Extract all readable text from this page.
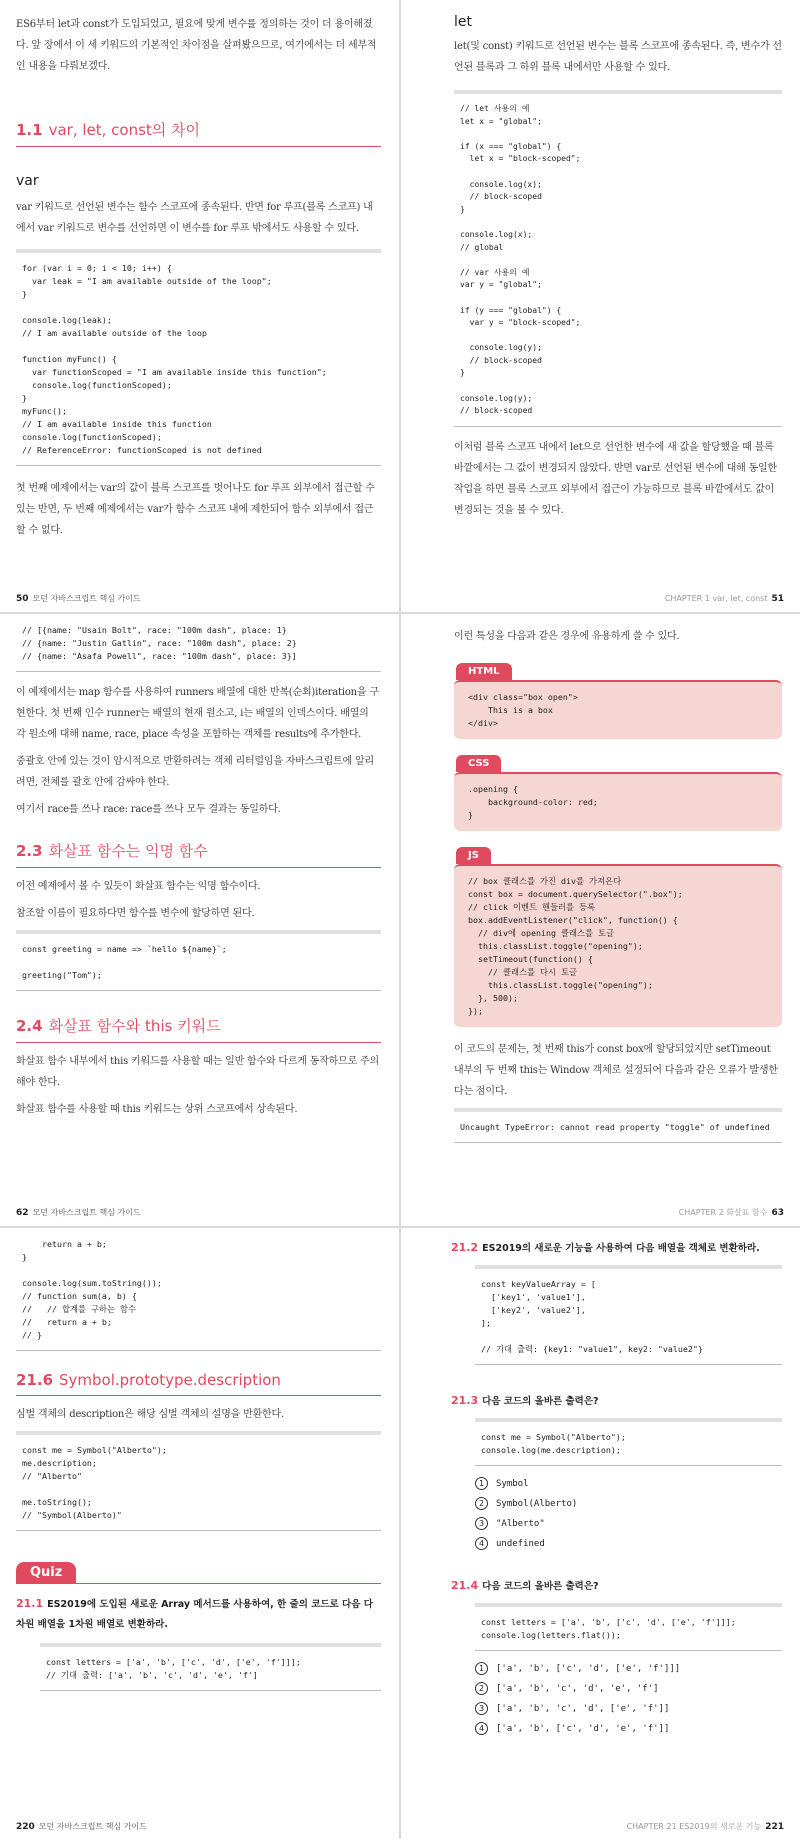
ES6부터 let과 const가 도입되었고, 필요에 맞게 변수를 정의하는 것이 더 용이해졌다. 앞 장에서 이 세 키워드의 기본적인 차이점을 살펴봤으므로, 여기에서는 더 세부적인 내용을 다뤄보겠다.

1.1 var, let, const의 차이
var

var 키워드로 선언된 변수는 함수 스코프에 종속된다. 반면 for 루프(블록 스코프) 내에서 var 키워드로 변수를 선언하면 이 변수를 for 루프 밖에서도 사용할 수 있다.

for (var i = 0; i < 10; i++) {
var leak = "I am available outside of the loop";
}

console.log(leak);
// I am available outside of the loop

function myFunc() {
var functionScoped = "I am available inside this function";
console.log(functionScoped);
}
myFunc();
// I am available inside this function
console.log(functionScoped);
// ReferenceError: functionScoped is not defined

첫 번째 예제에서는 var의 값이 블록 스코프를 벗어나도 for 루프 외부에서 접근할 수 있는 반면, 두 번째 예제에서는 var가 함수 스코프 내에 제한되어 함수 외부에서 접근할 수 없다.

50 모던 자바스크립트 핵심 가이드
let

let(및 const) 키워드로 선언된 변수는 블록 스코프에 종속된다. 즉, 변수가 선언된 블록과 그 하위 블록 내에서만 사용할 수 있다.

// let 사용의 예
let x = "global";

if (x === "global") {
let x = "block-scoped";

console.log(x);
// block-scoped
}

console.log(x);
// global

// var 사용의 예
var y = "global";

if (y === "global") {
var y = "block-scoped";

console.log(y);
// block-scoped
}

console.log(y);
// block-scoped

이처럼 블록 스코프 내에서 let으로 선언한 변수에 새 값을 할당했을 때 블록 바깥에서는 그 값이 변경되지 않았다. 반면 var로 선언된 변수에 대해 동일한 작업을 하면 블록 스코프 외부에서 접근이 가능하므로 블록 바깥에서도 값이 변경되는 것을 볼 수 있다.

CHAPTER 1 var, let, const 51
// [{name: "Usain Bolt", race: "100m dash", place: 1}
// {name: "Justin Gatlin", race: "100m dash", place: 2}
// {name: "Asafa Powell", race: "100m dash", place: 3}]

이 예제에서는 map 함수를 사용하여 runners 배열에 대한 반복(순회)iteration을 구현한다. 첫 번째 인수 runner는 배열의 현재 원소고, i는 배열의 인덱스이다. 배열의 각 원소에 대해 name, race, place 속성을 포함하는 객체를 results에 추가한다.

중괄호 안에 있는 것이 암시적으로 반환하려는 객체 리터럴임을 자바스크립트에 알리려면, 전체를 괄호 안에 감싸야 한다.

여기서 race를 쓰나 race: race를 쓰나 모두 결과는 동일하다.

2.3 화살표 함수는 익명 함수

이전 예제에서 볼 수 있듯이 화살표 함수는 익명 함수이다.

참조할 이름이 필요하다면 함수를 변수에 할당하면 된다.

const greeting = name => `hello ${name}`;

greeting("Tom");
2.4 화살표 함수와 this 키워드

화살표 함수 내부에서 this 키워드를 사용할 때는 일반 함수와 다르게 동작하므로 주의해야 한다.

화살표 함수를 사용할 때 this 키워드는 상위 스코프에서 상속된다.

62 모던 자바스크립트 핵심 가이드

이런 특성을 다음과 같은 경우에 유용하게 쓸 수 있다.

HTML
<div class="box open">
This is a box
</div>
CSS
.opening {
background-color: red;
}
JS
// box 클래스를 가진 div를 가져온다
const box = document.querySelector(".box");
// click 이벤트 핸들러를 등록
box.addEventListener("click", function() {
// div에 opening 클래스를 토글
this.classList.toggle("opening");
setTimeout(function() {
// 클래스를 다시 토글
this.classList.toggle("opening");
}, 500);
});

이 코드의 문제는, 첫 번째 this가 const box에 할당되었지만 setTimeout 내부의 두 번째 this는 Window 객체로 설정되어 다음과 같은 오류가 발생한다는 점이다.

Uncaught TypeError: cannot read property "toggle" of undefined
CHAPTER 2 화살표 함수 63
return a + b;
}

console.log(sum.toString());
// function sum(a, b) {
//   // 합계를 구하는 함수
//   return a + b;
// }
21.6 Symbol.prototype.description

심벌 객체의 description은 해당 심벌 객체의 설명을 반환한다.

const me = Symbol("Alberto");
me.description;
// "Alberto"

me.toString();
// "Symbol(Alberto)"
Quiz
21.1 ES2019에 도입된 새로운 Array 메서드를 사용하여, 한 줄의 코드로 다음 다차원 배열을 1차원 배열로 변환하라.
const letters = ['a', 'b', ['c', 'd', ['e', 'f']]];
// 기대 출력: ['a', 'b', 'c', 'd', 'e', 'f']
220 모던 자바스크립트 핵심 가이드
21.2 ES2019의 새로운 기능을 사용하여 다음 배열을 객체로 변환하라.
const keyValueArray = [
['key1', 'value1'],
['key2', 'value2'],
];

// 기대 출력: {key1: "value1", key2: "value2"}
21.3 다음 코드의 올바른 출력은?
const me = Symbol("Alberto");
console.log(me.description);
1 Symbol
2 Symbol(Alberto)
3 "Alberto"
4 undefined
21.4 다음 코드의 올바른 출력은?
const letters = ['a', 'b', ['c', 'd', ['e', 'f']]];
console.log(letters.flat());
1 ['a', 'b', ['c', 'd', ['e', 'f']]]
2 ['a', 'b', 'c', 'd', 'e', 'f']
3 ['a', 'b', 'c', 'd', ['e', 'f']]
4 ['a', 'b', ['c', 'd', 'e', 'f']]
CHAPTER 21 ES2019의 새로운 기능 221
